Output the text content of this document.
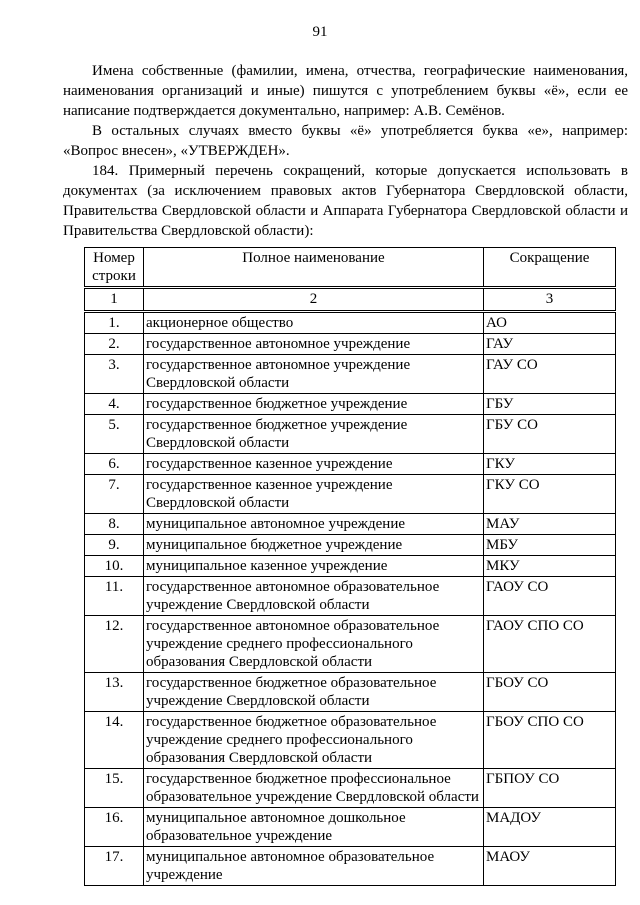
91

Имена собственные (фамилии, имена, отчества, географические наименования, наименования организаций и иные) пишутся с употреблением буквы «ё», если ее написание подтверждается документально, например: А.В. Семёнов.

В остальных случаях вместо буквы «ё» употребляется буква «е», например: «Вопрос внесен», «УТВЕРЖДЕН».

184. Примерный перечень сокращений, которые допускается использовать в документах (за исключением правовых актов Губернатора Свердловской области, Правительства Свердловской области и Аппарата Губернатора Свердловской области и Правительства Свердловской области):

Номер строки	Полное наименование	Сокращение
1	2	3
1.	акционерное общество	АО
2.	государственное автономное учреждение	ГАУ
3.	государственное автономное учреждение Свердловской области	ГАУ СО
4.	государственное бюджетное учреждение	ГБУ
5.	государственное бюджетное учреждение Свердловской области	ГБУ СО
6.	государственное казенное учреждение	ГКУ
7.	государственное казенное учреждение Свердловской области	ГКУ СО
8.	муниципальное автономное учреждение	МАУ
9.	муниципальное бюджетное учреждение	МБУ
10.	муниципальное казенное учреждение	МКУ
11.	государственное автономное образовательное учреждение Свердловской области	ГАОУ СО
12.	государственное автономное образовательное учреждение среднего профессионального образования Свердловской области	ГАОУ СПО СО
13.	государственное бюджетное образовательное учреждение Свердловской области	ГБОУ СО
14.	государственное бюджетное образовательное учреждение среднего профессионального образования Свердловской области	ГБОУ СПО СО
15.	государственное бюджетное профессиональное образовательное учреждение Свердловской области	ГБПОУ СО
16.	муниципальное автономное дошкольное образовательное учреждение	МАДОУ
17.	муниципальное автономное образовательное учреждение	МАОУ
